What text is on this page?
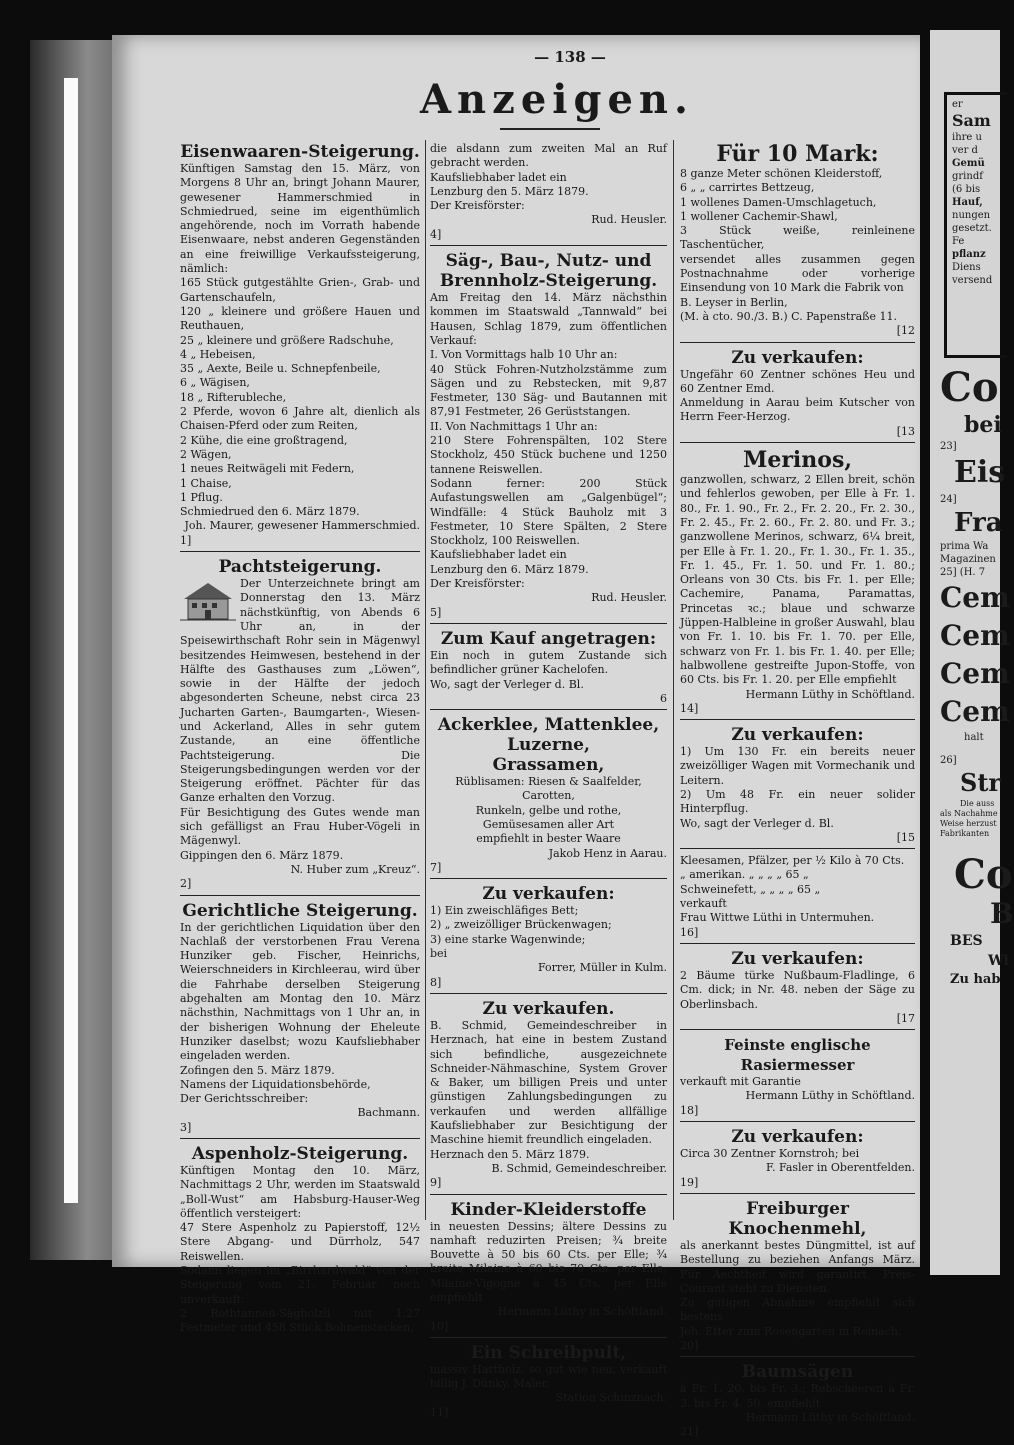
— 138 —
Anzeigen.
Eisenwaaren-Steigerung.

Künftigen Samstag den 15. März, von Morgens 8 Uhr an, bringt Johann Maurer, gewesener Hammerschmied in Schmiedrued, seine im eigenthümlich angehörende, noch im Vorrath habende Eisenwaare, nebst anderen Gegenständen an eine freiwillige Verkaufssteigerung, nämlich:
165 Stück gutgestählte Grien-, Grab- und Gartenschaufeln,
120 „ kleinere und größere Hauen und Reuthauen,
25 „ kleinere und größere Radschuhe,
4 „ Hebeisen,
35 „ Aexte, Beile u. Schnepfenbeile,
6 „ Wägisen,
18 „ Rifterubleche,
2 Pferde, wovon 6 Jahre alt, dienlich als Chaisen-Pferd oder zum Reiten,
2 Kühe, die eine großtragend,
2 Wägen,
1 neues Reitwägeli mit Federn,
1 Chaise,
1 Pflug.
Schmiedrued den 6. März 1879.

Joh. Maurer, gewesener Hammerschmied.

1]
Pachtsteigerung.

Der Unterzeichnete bringt am Donnerstag den 13. März nächstkünftig, von Abends 6 Uhr an, in der Speisewirthschaft Rohr sein in Mägenwyl besitzendes Heimwesen, bestehend in der Hälfte des Gasthauses zum „Löwen“, sowie in der Hälfte der jedoch abgesonderten Scheune, nebst circa 23 Jucharten Garten-, Baumgarten-, Wiesen- und Ackerland, Alles in sehr gutem Zustande, an eine öffentliche Pachtsteigerung. Die Steigerungsbedingungen werden vor der Steigerung eröffnet. Pächter für das Ganze erhalten den Vorzug.
Für Besichtigung des Gutes wende man sich gefälligst an Frau Huber-Vögeli in Mägenwyl.
Gippingen den 6. März 1879.

N. Huber zum „Kreuz“.

2]
Gerichtliche Steigerung.

In der gerichtlichen Liquidation über den Nachlaß der verstorbenen Frau Verena Hunziker geb. Fischer, Heinrichs, Weierschneiders in Kirchleerau, wird über die Fahrhabe derselben Steigerung abgehalten am Montag den 10. März nächsthin, Nachmittags von 1 Uhr an, in der bisherigen Wohnung der Eheleute Hunziker daselbst; wozu Kaufsliebhaber eingeladen werden.
Zofingen den 5. März 1879.
Namens der Liquidationsbehörde,
Der Gerichtsschreiber:

Bachmann.

3]
Aspenholz-Steigerung.

Künftigen Montag den 10. März, Nachmittags 2 Uhr, werden im Staatswald „Boll-Wust“ am Habsburg-Hauser-Weg öffentlich versteigert:
47 Stere Aspenholz zu Papierstoff, 12½ Stere Abgang- und Dürrholz, 547 Reiswellen.
Sodann liegen im „Birrhardwald“ von der Steigerung vom 21. Februar noch unverkauft:
2 Rothtannen-Sägholzli mit 1,27 Festmeter und 458 Stück Bohnenstecken,

die alsdann zum zweiten Mal an Ruf gebracht werden.
Kaufsliebhaber ladet ein
Lenzburg den 5. März 1879.
Der Kreisförster:

Rud. Heusler.

4]
Säg-, Bau-, Nutz- und Brennholz-Steigerung.

Am Freitag den 14. März nächsthin kommen im Staatswald „Tannwald“ bei Hausen, Schlag 1879, zum öffentlichen Verkauf:
I. Von Vormittags halb 10 Uhr an:
40 Stück Fohren-Nutzholzstämme zum Sägen und zu Rebstecken, mit 9,87 Festmeter, 130 Säg- und Bautannen mit 87,91 Festmeter, 26 Gerüststangen.
II. Von Nachmittags 1 Uhr an:
210 Stere Fohrenspälten, 102 Stere Stockholz, 450 Stück buchene und 1250 tannene Reiswellen.
Sodann ferner: 200 Stück Aufastungswellen am „Galgenbügel“; Windfälle: 4 Stück Bauholz mit 3 Festmeter, 10 Stere Spälten, 2 Stere Stockholz, 100 Reiswellen.
Kaufsliebhaber ladet ein
Lenzburg den 6. März 1879.
Der Kreisförster:

Rud. Heusler.

5]
Zum Kauf angetragen:

Ein noch in gutem Zustande sich befindlicher grüner Kachelofen.
Wo, sagt der Verleger d. Bl.

6
Ackerklee, Mattenklee, Luzerne,
Grassamen,

Rüblisamen: Riesen & Saalfelder, Carotten,
Runkeln, gelbe und rothe,
Gemüsesamen aller Art
empfiehlt in bester Waare

Jakob Henz in Aarau.

7]
Zu verkaufen:

1) Ein zweischläfiges Bett;
2) „ zweizölliger Brückenwagen;
3) eine starke Wagenwinde;
bei

Forrer, Müller in Kulm.

8]
Zu verkaufen.

B. Schmid, Gemeindeschreiber in Herznach, hat eine in bestem Zustand sich befindliche, ausgezeichnete Schneider-Nähmaschine, System Grover & Baker, um billigen Preis und unter günstigen Zahlungsbedingungen zu verkaufen und werden allfällige Kaufsliebhaber zur Besichtigung der Maschine hiemit freundlich eingeladen.
Herznach den 5. März 1879.

B. Schmid, Gemeindeschreiber.

9]
Kinder-Kleiderstoffe

in neuesten Dessins; ältere Dessins zu namhaft reduzirten Preisen; ¾ breite Bouvette à 50 bis 60 Cts. per Elle; ¾ breite Milaine à 60 bis 70 Cts. per Elle; Milaine-Vigogne à 45 Cts. per Elle empfiehlt

Hermann Lüthy in Schöftland.

10]
Ein Schreibpult,

massiv Hartholz, so gut wie neu, verkauft billig J. Dünky, Maler,

Station Schinznach.

11]
Für 10 Mark:

8 ganze Meter schönen Kleiderstoff,
6 „ „ carrirtes Bettzeug,
1 wollenes Damen-Umschlagetuch,
1 wollener Cachemir-Shawl,
3 Stück weiße, reinleinene Taschentücher,
versendet alles zusammen gegen Postnachnahme oder vorherige Einsendung von 10 Mark die Fabrik von
B. Leyser in Berlin,
(M. à cto. 90./3. B.) C. Papenstraße 11.

[12
Zu verkaufen:

Ungefähr 60 Zentner schönes Heu und 60 Zentner Emd.
Anmeldung in Aarau beim Kutscher von Herrn Feer-Herzog.

[13
Merinos,

ganzwollen, schwarz, 2 Ellen breit, schön und fehlerlos gewoben, per Elle à Fr. 1. 80., Fr. 1. 90., Fr. 2., Fr. 2. 20., Fr. 2. 30., Fr. 2. 45., Fr. 2. 60., Fr. 2. 80. und Fr. 3.; ganzwollene Merinos, schwarz, 6¼ breit, per Elle à Fr. 1. 20., Fr. 1. 30., Fr. 1. 35., Fr. 1. 45., Fr. 1. 50. und Fr. 1. 80.; Orleans von 30 Cts. bis Fr. 1. per Elle; Cachemire, Panama, Paramattas, Princetas ꝛc.; blaue und schwarze Jüppen-Halbleine in großer Auswahl, blau von Fr. 1. 10. bis Fr. 1. 70. per Elle, schwarz von Fr. 1. bis Fr. 1. 40. per Elle; halbwollene gestreifte Jupon-Stoffe, von 60 Cts. bis Fr. 1. 20. per Elle empfiehlt

Hermann Lüthy in Schöftland.

14]
Zu verkaufen:

1) Um 130 Fr. ein bereits neuer zweizölliger Wagen mit Vormechanik und Leitern.
2) Um 48 Fr. ein neuer solider Hinterpflug.
Wo, sagt der Verleger d. Bl.

[15

Kleesamen, Pfälzer, per ½ Kilo à 70 Cts.
„ amerikan. „ „ „ „ 65 „
Schweinefett, „ „ „ „ 65 „
verkauft
Frau Wittwe Lüthi in Untermuhen.

16]
Zu verkaufen:

2 Bäume türke Nußbaum-Fladlinge, 6 Cm. dick; in Nr. 48. neben der Säge zu Oberlinsbach.

[17
Feinste englische Rasiermesser

verkauft mit Garantie

Hermann Lüthy in Schöftland.

18]
Zu verkaufen:

Circa 30 Zentner Kornstroh; bei

F. Fasler in Oberentfelden.

19]
Freiburger Knochenmehl,

als anerkannt bestes Düngmittel, ist auf Bestellung zu beziehen Anfangs März. Für Aechtheit wird garantirt. Preis-Courant steht zu Diensten.
Zu gütigen Abnahme empfiehlt sich bestens
Joh. Etter zum Rosengarten in Reinach.

20]
Baumsägen

à Fr. 1. 20. bis Fr. 3.; Rebscheeren à Fr. 3. bis Fr. 4. 50. empfiehlt

Hermann Lüthy in Schöftland.

21]
er
Sam
ihre u
ver d
Gemü
grindf
(6 bis
Hauf,
nungen
gesetzt.
Fe
pflanz
Diens
versend
Co
bei
23]
Eis
24]
Fra
prima Wa
Magazinen
25] (H. 7
Cem
Cem
Cem
Cem
halt
26]
Str
Die auss
als Nachahme
Weise herzust
Fabrikanten
Co
B
BES
Wi
Zu hab
